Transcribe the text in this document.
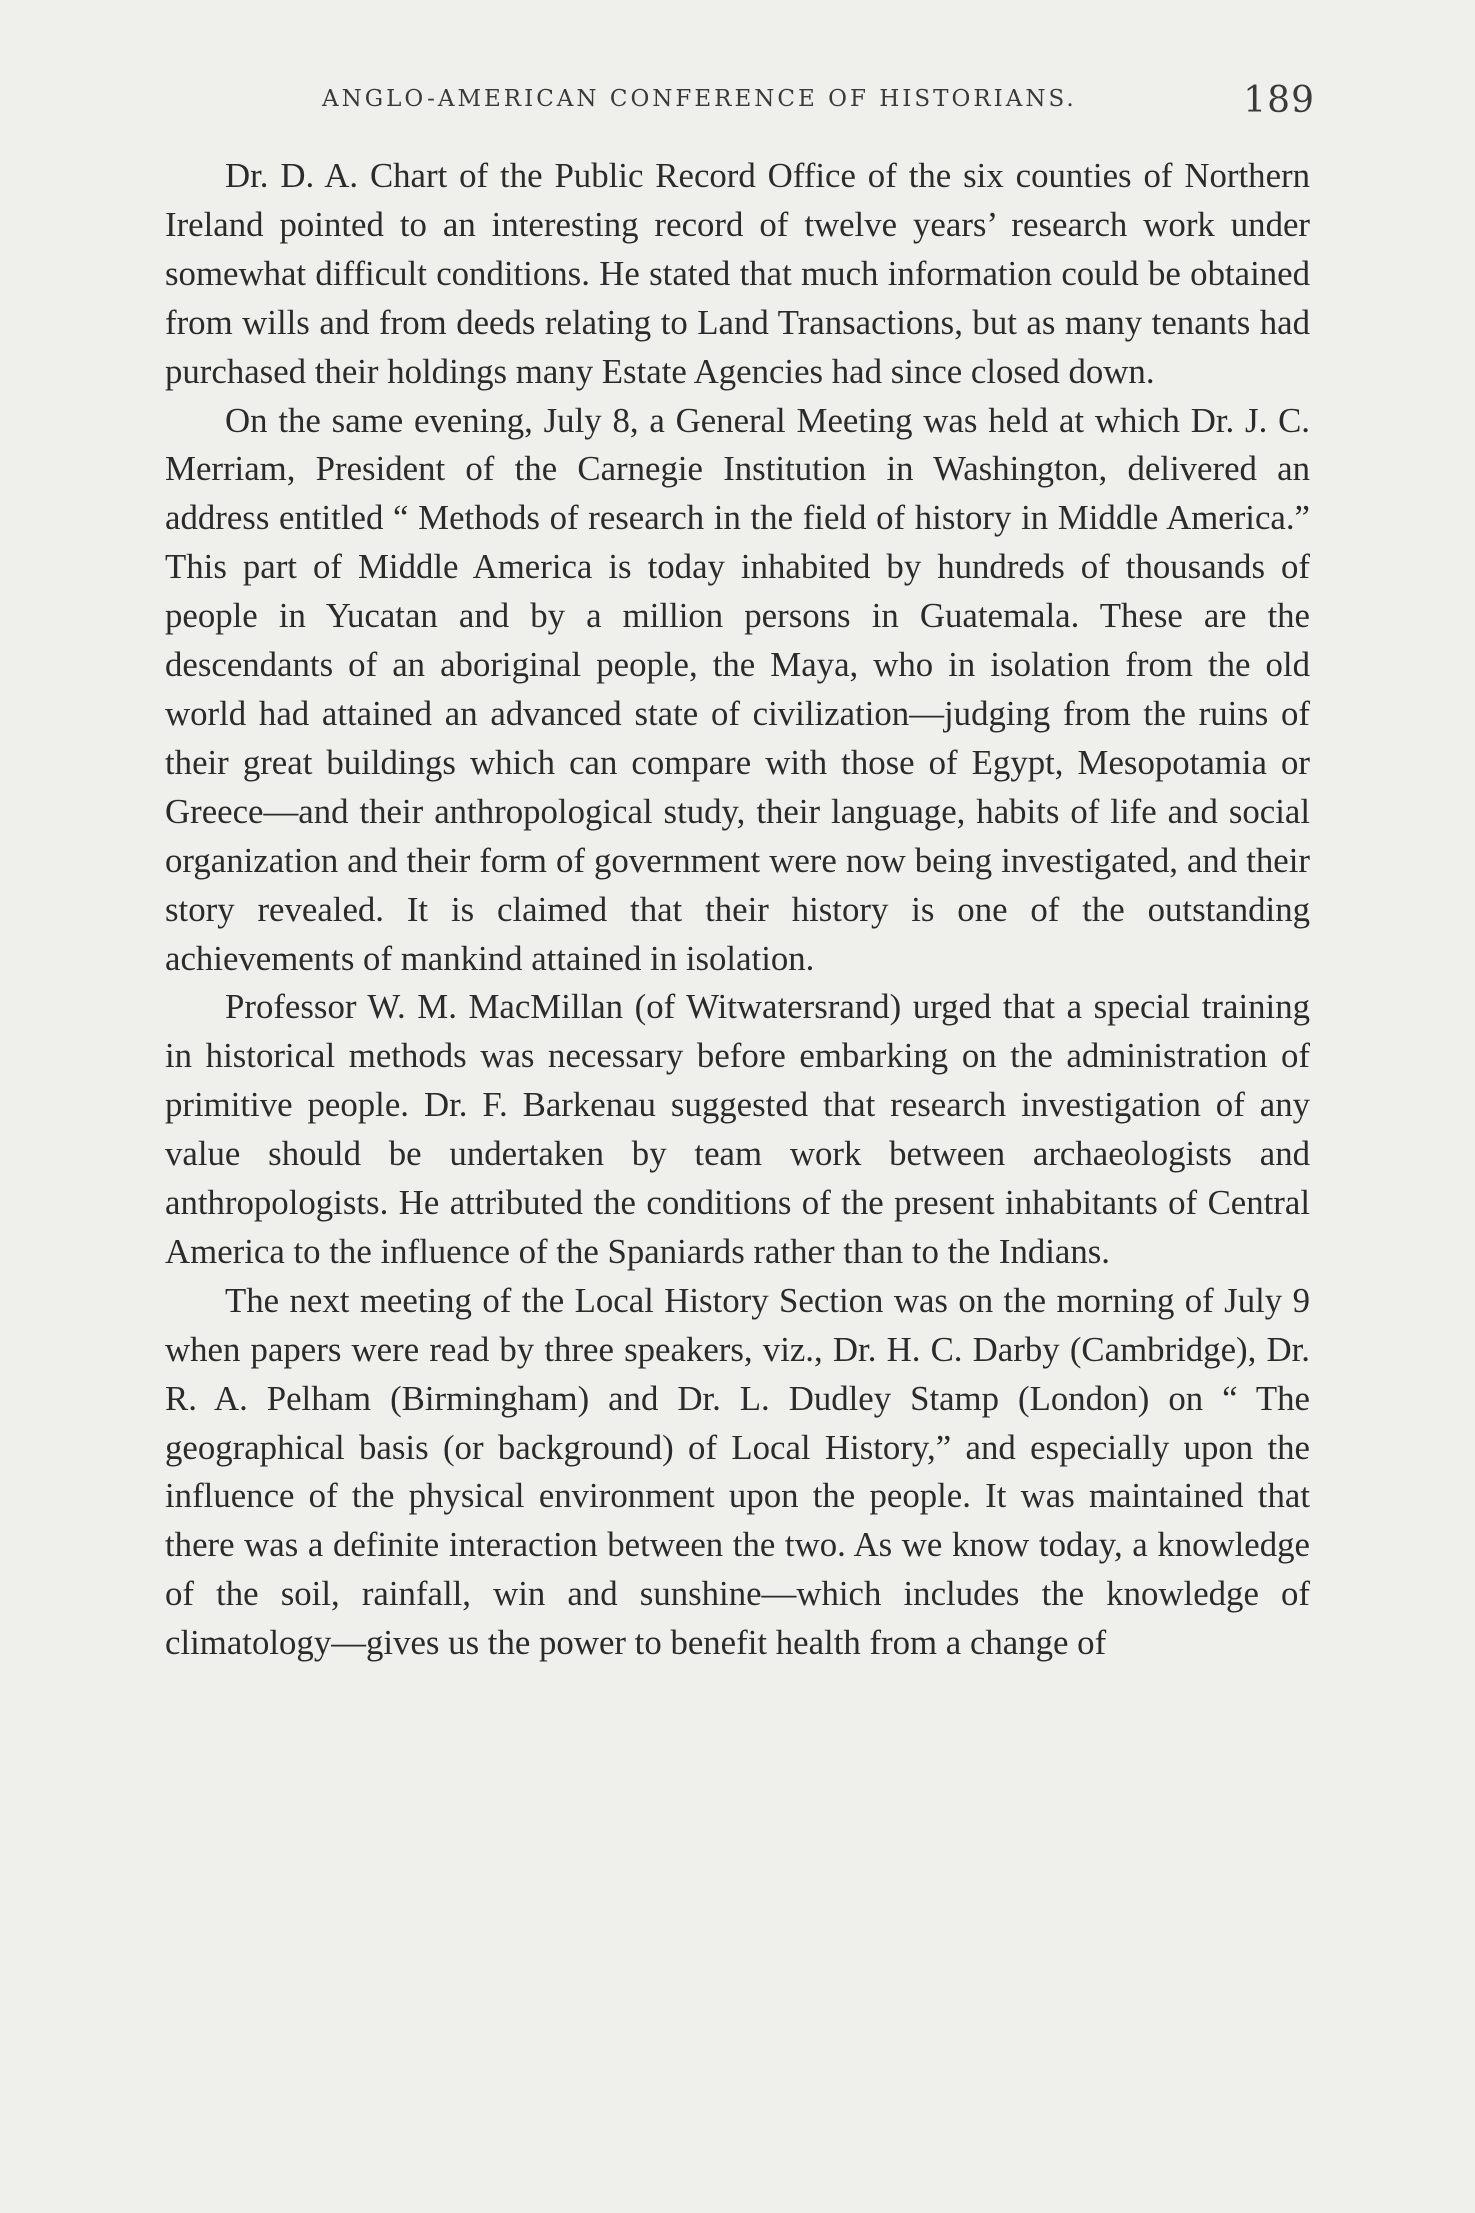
ANGLO-AMERICAN CONFERENCE OF HISTORIANS.	189

Dr. D. A. Chart of the Public Record Office of the six counties of Northern Ireland pointed to an interesting record of twelve years’ research work under somewhat difficult conditions. He stated that much information could be obtained from wills and from deeds relating to Land Transactions, but as many tenants had purchased their holdings many Estate Agencies had since closed down.

On the same evening, July 8, a General Meeting was held at which Dr. J. C. Merriam, President of the Carnegie Institution in Washington, delivered an address entitled “ Methods of research in the field of history in Middle America.” This part of Middle America is today inhabited by hundreds of thousands of people in Yucatan and by a million persons in Guatemala. These are the descendants of an aboriginal people, the Maya, who in isolation from the old world had attained an advanced state of civilization—judging from the ruins of their great buildings which can compare with those of Egypt, Mesopotamia or Greece—and their anthropological study, their language, habits of life and social organization and their form of government were now being investigated, and their story revealed. It is claimed that their history is one of the outstanding achievements of mankind attained in isolation.

Professor W. M. MacMillan (of Witwatersrand) urged that a special training in historical methods was necessary before embarking on the administration of primitive people. Dr. F. Barkenau suggested that research investigation of any value should be undertaken by team work between archaeologists and anthropologists. He attributed the conditions of the present inhabitants of Central America to the influence of the Spaniards rather than to the Indians.

The next meeting of the Local History Section was on the morning of July 9 when papers were read by three speakers, viz., Dr. H. C. Darby (Cambridge), Dr. R. A. Pelham (Birmingham) and Dr. L. Dudley Stamp (London) on “ The geographical basis (or background) of Local History,” and especially upon the influence of the physical environment upon the people. It was maintained that there was a definite interaction between the two. As we know today, a knowledge of the soil, rainfall, win and sunshine—which includes the knowledge of climatology—gives us the power to benefit health from a change of
